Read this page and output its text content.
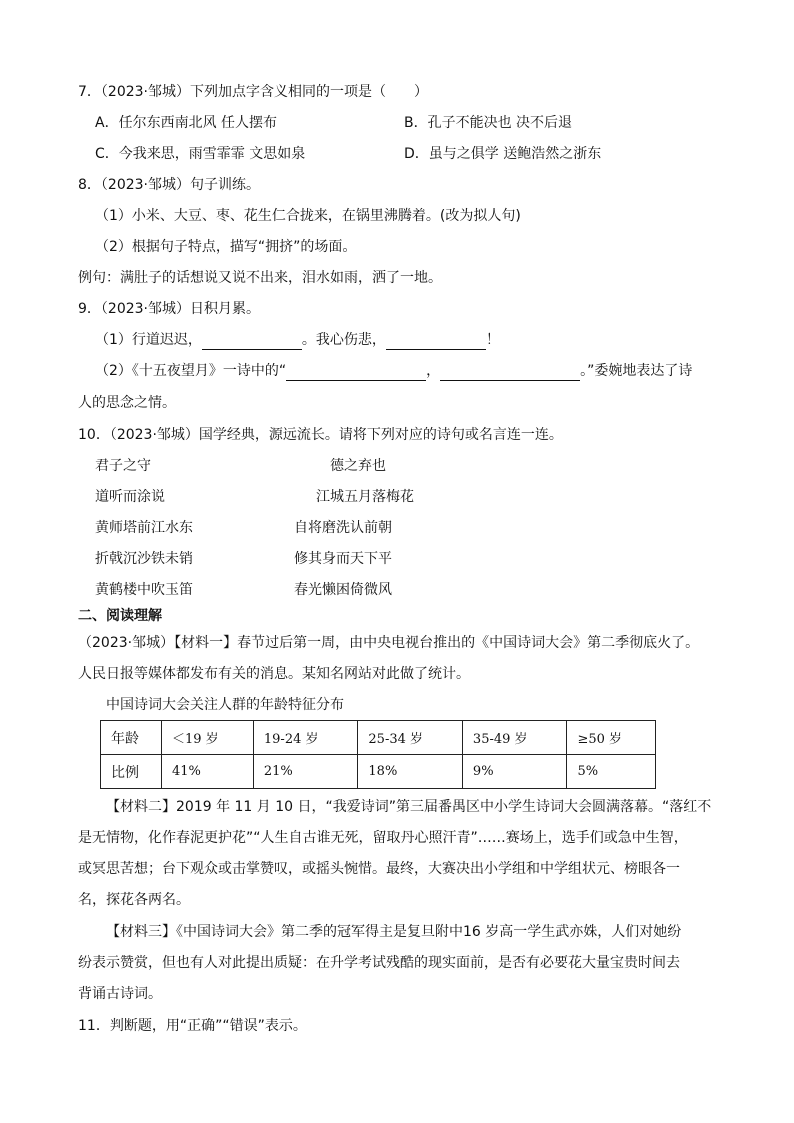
7．（2023·邹城）下列加点字含义相同的一项是（　　）
A．任尔东西南北风 任人摆布	B．孔子不能决也 决不后退
C．今我来思，雨雪霏霏 文思如泉	D．虽与之俱学 送鲍浩然之浙东
8．（2023·邹城）句子训练。
（1）小米、大豆、枣、花生仁合拢来，在锅里沸腾着。(改为拟人句)
（2）根据句子特点，描写“拥挤”的场面。
例句：满肚子的话想说又说不出来，泪水如雨，洒了一地。
9．（2023·邹城）日积月累。
（1）行道迟迟，	。我心伤悲，	！
（2）《十五夜望月》一诗中的“	，	。”委婉地表达了诗
人的思念之情。
10．（2023·邹城）国学经典，源远流长。请将下列对应的诗句或名言连一连。
君子之守
道听而涂说
黄师塔前江水东
折戟沉沙铁未销
黄鹤楼中吹玉笛
德之弃也
江城五月落梅花
自将磨洗认前朝
修其身而天下平
春光懒困倚微风
二、阅读理解
（2023·邹城）【材料一】春节过后第一周，由中央电视台推出的《中国诗词大会》第二季彻底火了。
人民日报等媒体都发布有关的消息。某知名网站对此做了统计。
中国诗词大会关注人群的年龄特征分布
年龄	＜19 岁	19-24 岁	25-34 岁	35-49 岁	≥50 岁
比例	41%	21%	18%	9%	5%
【材料二】2019 年 11 月 10 日，“我爱诗词”第三届番禺区中小学生诗词大会圆满落幕。“落红不
是无情物，化作春泥更护花”“人生自古谁无死，留取丹心照汗青”……赛场上，选手们或急中生智，
或冥思苦想；台下观众或击掌赞叹，或摇头惋惜。最终，大赛决出小学组和中学组状元、榜眼各一
名，探花各两名。
【材料三】《中国诗词大会》第二季的冠军得主是复旦附中16 岁高一学生武亦姝，人们对她纷
纷表示赞赏，但也有人对此提出质疑：在升学考试残酷的现实面前，是否有必要花大量宝贵时间去
背诵古诗词。
11．判断题，用“正确”“错误”表示。
